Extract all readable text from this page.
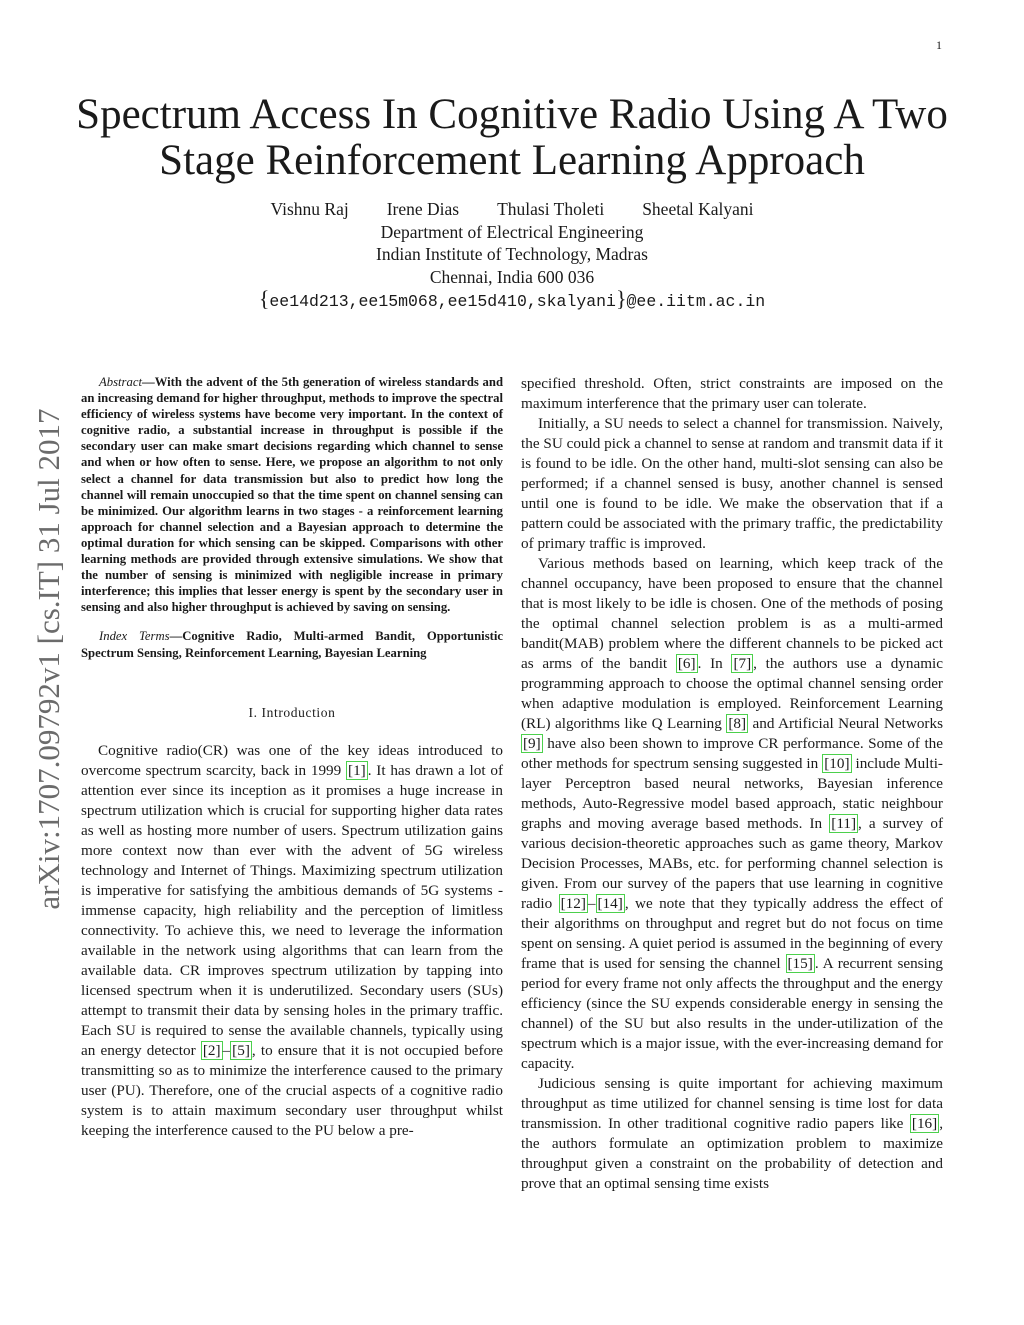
1
Spectrum Access In Cognitive Radio Using A Two
Stage Reinforcement Learning Approach
Vishnu Raj Irene Dias Thulasi Tholeti Sheetal Kalyani
Department of Electrical Engineering
Indian Institute of Technology, Madras
Chennai, India 600 036
{ee14d213,ee15m068,ee15d410,skalyani}@ee.iitm.ac.in
arXiv:1707.09792v1 [cs.IT] 31 Jul 2017

Abstract—With the advent of the 5th generation of wireless standards and an increasing demand for higher throughput, methods to improve the spectral efficiency of wireless systems have become very important. In the context of cognitive radio, a substantial increase in throughput is possible if the secondary user can make smart decisions regarding which channel to sense and when or how often to sense. Here, we propose an algorithm to not only select a channel for data transmission but also to predict how long the channel will remain unoccupied so that the time spent on channel sensing can be minimized. Our algorithm learns in two stages - a reinforcement learning approach for channel selection and a Bayesian approach to determine the optimal duration for which sensing can be skipped. Comparisons with other learning methods are provided through extensive simulations. We show that the number of sensing is minimized with negligible increase in primary interference; this implies that lesser energy is spent by the secondary user in sensing and also higher throughput is achieved by saving on sensing.

Index Terms—Cognitive Radio, Multi-armed Bandit, Opportunistic Spectrum Sensing, Reinforcement Learning, Bayesian Learning

I. Introduction

Cognitive radio(CR) was one of the key ideas introduced to overcome spectrum scarcity, back in 1999 [1] . It has drawn a lot of attention ever since its inception as it promises a huge increase in spectrum utilization which is crucial for supporting higher data rates as well as hosting more number of users. Spectrum utilization gains more context now than ever with the advent of 5G wireless technology and Internet of Things. Maximizing spectrum utilization is imperative for satisfying the ambitious demands of 5G systems - immense capacity, high reliability and the perception of limitless connectivity. To achieve this, we need to leverage the information available in the network using algorithms that can learn from the available data. CR improves spectrum utilization by tapping into licensed spectrum when it is underutilized. Secondary users (SUs) attempt to transmit their data by sensing holes in the primary traffic. Each SU is required to sense the available channels, typically using an energy detector [2] – [5] , to ensure that it is not occupied before transmitting so as to minimize the interference caused to the primary user (PU). Therefore, one of the crucial aspects of a cognitive radio system is to attain maximum secondary user throughput whilst keeping the interference caused to the PU below a pre-

specified threshold. Often, strict constraints are imposed on the maximum interference that the primary user can tolerate.

Initially, a SU needs to select a channel for transmission. Naively, the SU could pick a channel to sense at random and transmit data if it is found to be idle. On the other hand, multi-slot sensing can also be performed; if a channel sensed is busy, another channel is sensed until one is found to be idle. We make the observation that if a pattern could be associated with the primary traffic, the predictability of primary traffic is improved.

Various methods based on learning, which keep track of the channel occupancy, have been proposed to ensure that the channel that is most likely to be idle is chosen. One of the methods of posing the optimal channel selection problem is as a multi-armed bandit(MAB) problem where the different channels to be picked act as arms of the bandit [6] . In [7] , the authors use a dynamic programming approach to choose the optimal channel sensing order when adaptive modulation is employed. Reinforcement Learning (RL) algorithms like Q Learning [8] and Artificial Neural Networks [9] have also been shown to improve CR performance. Some of the other methods for spectrum sensing suggested in [10] include Multi-layer Perceptron based neural networks, Bayesian inference methods, Auto-Regressive model based approach, static neighbour graphs and moving average based methods. In [11] , a survey of various decision-theoretic approaches such as game theory, Markov Decision Processes, MABs, etc. for performing channel selection is given. From our survey of the papers that use learning in cognitive radio [12] – [14] , we note that they typically address the effect of their algorithms on throughput and regret but do not focus on time spent on sensing. A quiet period is assumed in the beginning of every frame that is used for sensing the channel [15] . A recurrent sensing period for every frame not only affects the throughput and the energy efficiency (since the SU expends considerable energy in sensing the channel) of the SU but also results in the under-utilization of the spectrum which is a major issue, with the ever-increasing demand for capacity.

Judicious sensing is quite important for achieving maximum throughput as time utilized for channel sensing is time lost for data transmission. In other traditional cognitive radio papers like [16] , the authors formulate an optimization problem to maximize throughput given a constraint on the probability of detection and prove that an optimal sensing time exists
